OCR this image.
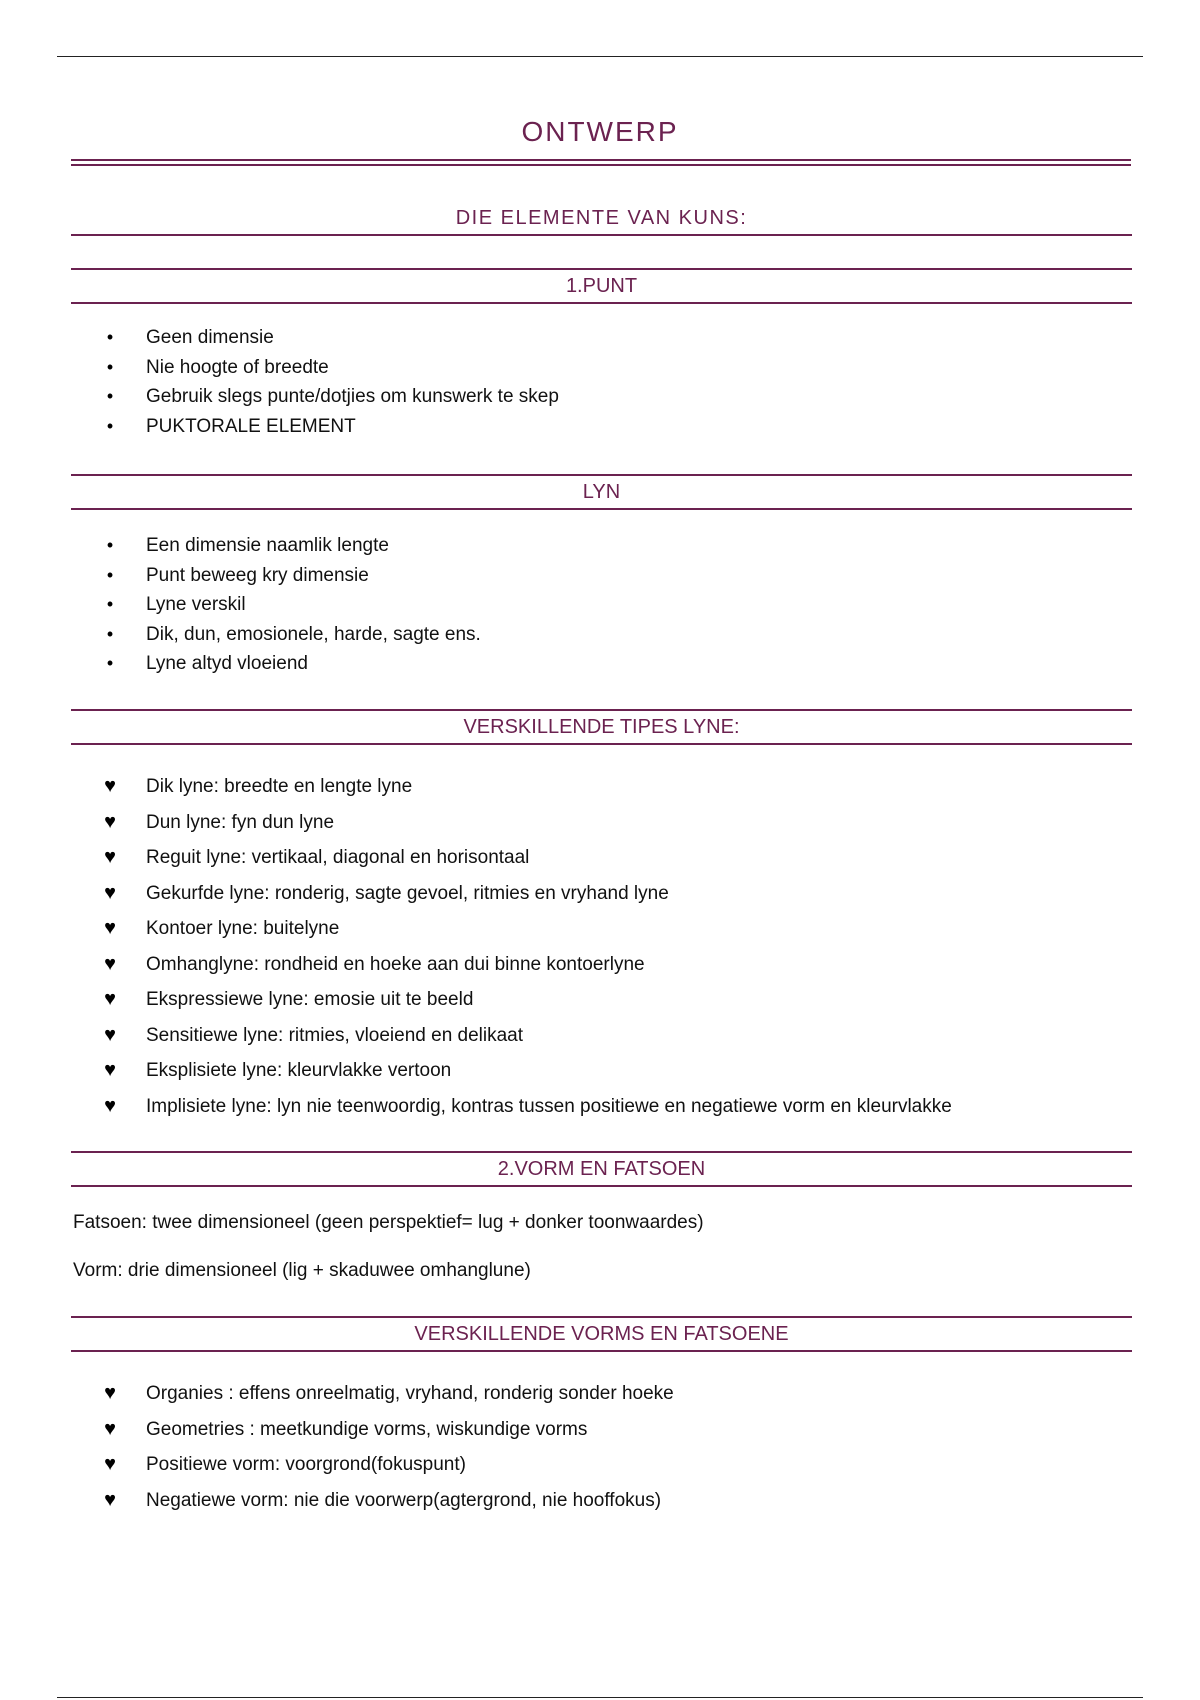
ONTWERP
DIE ELEMENTE VAN KUNS:
1.PUNT
•	Geen dimensie
•	Nie hoogte of breedte
•	Gebruik slegs punte/dotjies om kunswerk te skep
•	PUKTORALE ELEMENT
LYN
•	Een dimensie naamlik lengte
•	Punt beweeg kry dimensie
•	Lyne verskil
•	Dik, dun, emosionele, harde, sagte ens.
•	Lyne altyd vloeiend
VERSKILLENDE TIPES LYNE:
♥ Dik lyne: breedte en lengte lyne
♥ Dun lyne: fyn dun lyne
♥ Reguit lyne: vertikaal, diagonal en horisontaal
♥ Gekurfde lyne: ronderig, sagte gevoel, ritmies en vryhand lyne
♥ Kontoer lyne: buitelyne
♥ Omhanglyne: rondheid en hoeke aan dui binne kontoerlyne
♥ Ekspressiewe lyne: emosie uit te beeld
♥ Sensitiewe lyne: ritmies, vloeiend en delikaat
♥ Eksplisiete lyne: kleurvlakke vertoon
♥ Implisiete lyne: lyn nie teenwoordig, kontras tussen positiewe en negatiewe vorm en kleurvlakke
2.VORM EN FATSOEN
Fatsoen: twee dimensioneel (geen perspektief= lug + donker toonwaardes)
Vorm: drie dimensioneel (lig + skaduwee omhanglune)
VERSKILLENDE VORMS EN FATSOENE
♥ Organies : effens onreelmatig, vryhand, ronderig sonder hoeke
♥ Geometries : meetkundige vorms, wiskundige vorms
♥ Positiewe vorm: voorgrond(fokuspunt)
♥ Negatiewe vorm: nie die voorwerp(agtergrond, nie hooffokus)
